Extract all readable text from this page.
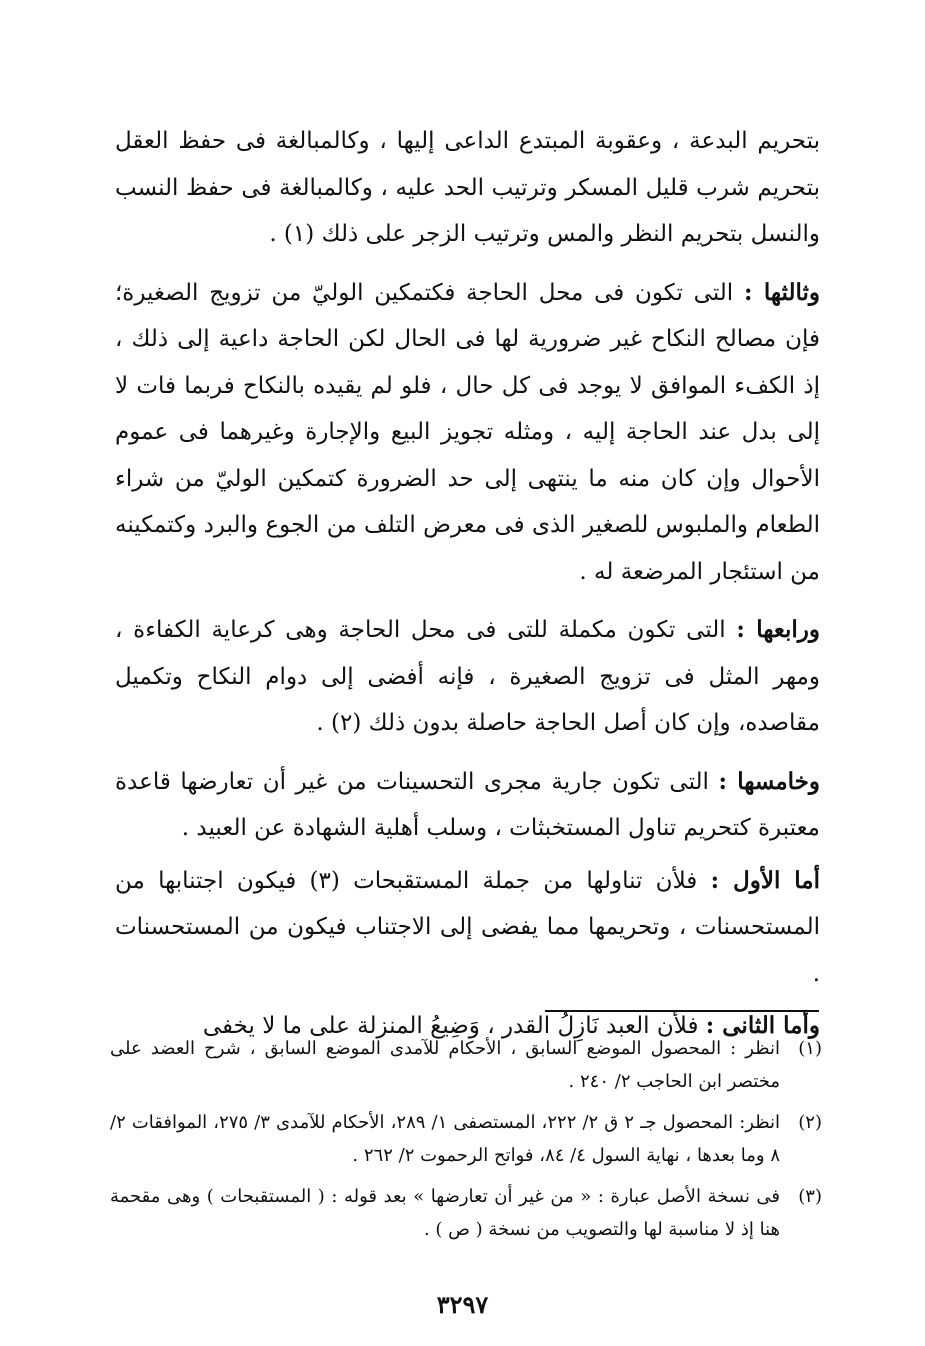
بتحريم البدعة ، وعقوبة المبتدع الداعى إليها ، وكالمبالغة فى حفظ العقل بتحريم شرب قليل المسكر وترتيب الحد عليه ، وكالمبالغة فى حفظ النسب والنسل بتحريم النظر والمس وترتيب الزجر على ذلك (١) .

وثالثها : التى تكون فى محل الحاجة فكتمكين الوليّ من تزويج الصغيرة؛ فإن مصالح النكاح غير ضرورية لها فى الحال لكن الحاجة داعية إلى ذلك ، إذ الكفء الموافق لا يوجد فى كل حال ، فلو لم يقيده بالنكاح فربما فات لا إلى بدل عند الحاجة إليه ، ومثله تجويز البيع والإجارة وغيرهما فى عموم الأحوال وإن كان منه ما ينتهى إلى حد الضرورة كتمكين الوليّ من شراء الطعام والملبوس للصغير الذى فى معرض التلف من الجوع والبرد وكتمكينه من استئجار المرضعة له .

ورابعها : التى تكون مكملة للتى فى محل الحاجة وهى كرعاية الكفاءة ، ومهر المثل فى تزويج الصغيرة ، فإنه أفضى إلى دوام النكاح وتكميل مقاصده، وإن كان أصل الحاجة حاصلة بدون ذلك (٢) .

وخامسها : التى تكون جارية مجرى التحسينات من غير أن تعارضها قاعدة معتبرة كتحريم تناول المستخبثات ، وسلب أهلية الشهادة عن العبيد .

أما الأول : فلأن تناولها من جملة المستقبحات (٣) فيكون اجتنابها من المستحسنات ، وتحريمها مما يفضى إلى الاجتناب فيكون من المستحسنات .

وأما الثانى : فلأن العبد نَازِلُ القدر ، وَضِيعُ المنزلة على ما لا يخفى

(١)
انظر : المحصول الموضع السابق ، الأحكام للآمدى الموضع السابق ، شرح العضد على مختصر ابن الحاجب ٢/ ٢٤٠ .
(٢)
انظر: المحصول جـ ٢ ق ٢/ ٢٢٢، المستصفى ١/ ٢٨٩، الأحكام للآمدى ٣/ ٢٧٥، الموافقات ٢/ ٨ وما بعدها ، نهاية السول ٤/ ٨٤، فواتح الرحموت ٢/ ٢٦٢ .
(٣)
فى نسخة الأصل عبارة : « من غير أن تعارضها » بعد قوله : ( المستقبحات ) وهى مقحمة هنا إذ لا مناسبة لها والتصويب من نسخة ( ص ) .
٣٢٩٧
